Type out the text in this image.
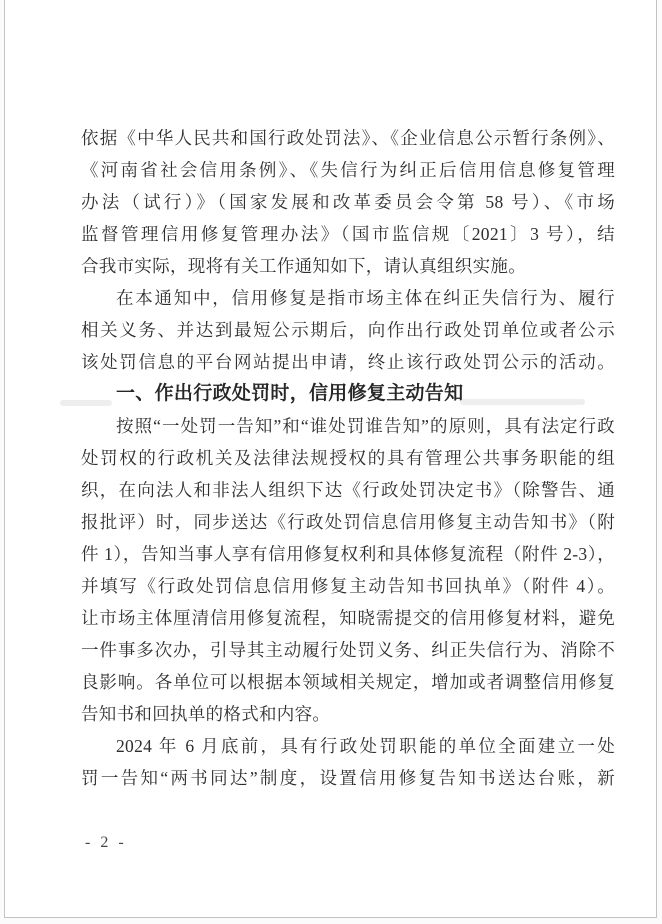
依据《中华人民共和国行政处罚法》、《企业信息公示暂行条例》、
《河南省社会信用条例》、《失信行为纠正后信用信息修复管理
办法（试行）》（国家发展和改革委员会令第 58 号）、《市场
监督管理信用修复管理办法》（国市监信规〔2021〕3 号），结
合我市实际，现将有关工作通知如下，请认真组织实施。
在本通知中，信用修复是指市场主体在纠正失信行为、履行
相关义务、并达到最短公示期后，向作出行政处罚单位或者公示
该处罚信息的平台网站提出申请，终止该行政处罚公示的活动。
一、作出行政处罚时，信用修复主动告知
按照“一处罚一告知”和“谁处罚谁告知”的原则，具有法定行政
处罚权的行政机关及法律法规授权的具有管理公共事务职能的组
织，在向法人和非法人组织下达《行政处罚决定书》（除警告、通
报批评）时，同步送达《行政处罚信息信用修复主动告知书》（附
件 1），告知当事人享有信用修复权利和具体修复流程（附件 2-3），
并填写《行政处罚信息信用修复主动告知书回执单》（附件 4）。
让市场主体厘清信用修复流程，知晓需提交的信用修复材料，避免
一件事多次办，引导其主动履行处罚义务、纠正失信行为、消除不
良影响。各单位可以根据本领域相关规定，增加或者调整信用修复
告知书和回执单的格式和内容。
2024 年 6 月底前，具有行政处罚职能的单位全面建立一处
罚一告知“两书同达”制度，设置信用修复告知书送达台账，新
- 2 -
